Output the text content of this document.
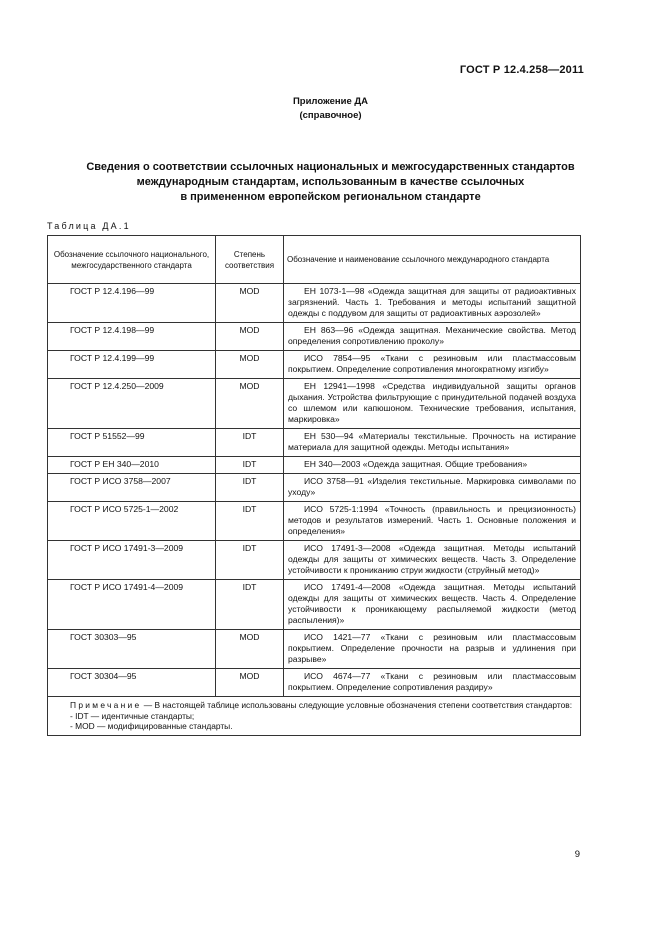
ГОСТ Р 12.4.258—2011
Приложение ДА
(справочное)
Сведения о соответствии ссылочных национальных и межгосударственных стандартов
международным стандартам, использованным в качестве ссылочных
в примененном европейском региональном стандарте
Таблица ДА.1
Обозначение ссылочного национального, межгосударственного стандарта	Степень соответствия	Обозначение и наименование ссылочного международного стандарта
ГОСТ Р 12.4.196—99	MOD	ЕН 1073-1—98 «Одежда защитная для защиты от радиоактивных загрязнений. Часть 1. Требования и методы испытаний защитной одежды с поддувом для защиты от радиоактивных аэрозолей»
ГОСТ Р 12.4.198—99	MOD	ЕН 863—96 «Одежда защитная. Механические свойства. Метод определения сопротивлению проколу»
ГОСТ Р 12.4.199—99	MOD	ИСО 7854—95 «Ткани с резиновым или пластмассовым покрытием. Определение сопротивления многократному изгибу»
ГОСТ Р 12.4.250—2009	MOD	ЕН 12941—1998 «Средства индивидуальной защиты органов дыхания. Устройства фильтрующие с принудительной подачей воздуха со шлемом или капюшоном. Технические требования, испытания, маркировка»
ГОСТ Р 51552—99	IDT	ЕН 530—94 «Материалы текстильные. Прочность на истирание материала для защитной одежды. Методы испытания»
ГОСТ Р ЕН 340—2010	IDT	ЕН 340—2003 «Одежда защитная. Общие требования»
ГОСТ Р ИСО 3758—2007	IDT	ИСО 3758—91 «Изделия текстильные. Маркировка символами по уходу»
ГОСТ Р ИСО 5725-1—2002	IDT	ИСО 5725-1:1994 «Точность (правильность и прецизионность) методов и результатов измерений. Часть 1. Основные положения и определения»
ГОСТ Р ИСО 17491-3—2009	IDT	ИСО 17491-3—2008 «Одежда защитная. Методы испытаний одежды для защиты от химических веществ. Часть 3. Определение устойчивости к прониканию струи жидкости (струйный метод)»
ГОСТ Р ИСО 17491-4—2009	IDT	ИСО 17491-4—2008 «Одежда защитная. Методы испытаний одежды для защиты от химических веществ. Часть 4. Определение устойчивости к проникающему распыляемой жидкости (метод распыления)»
ГОСТ 30303—95	MOD	ИСО 1421—77 «Ткани с резиновым или пластмассовым покрытием. Определение прочности на разрыв и удлинения при разрыве»
ГОСТ 30304—95	MOD	ИСО 4674—77 «Ткани с резиновым или пластмассовым покрытием. Определение сопротивления раздиру»

Примечание — В настоящей таблице использованы следующие условные обозначения степени соответствия стандартов:
- IDT — идентичные стандарты;
- MOD — модифицированные стандарты.		
9
